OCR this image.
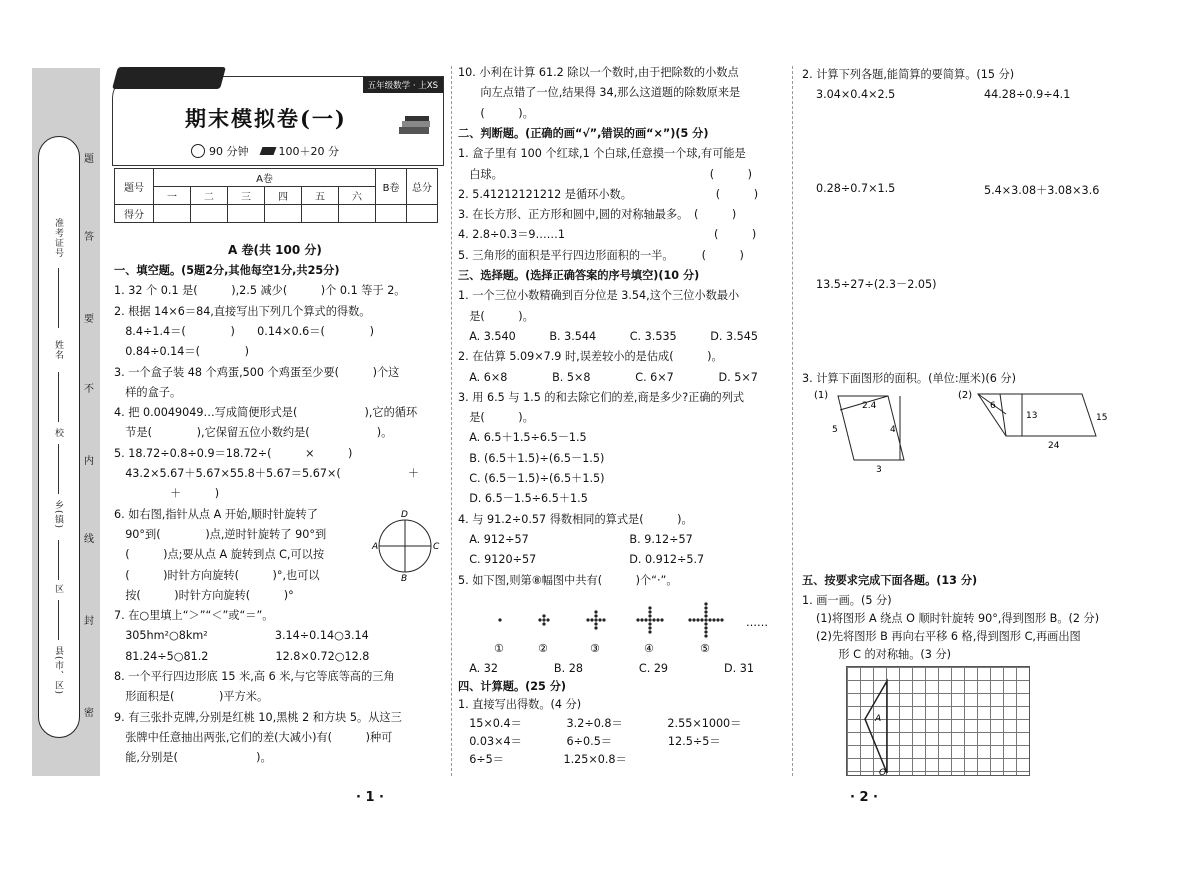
准考证号
姓名
校
乡(镇)
区
县(市、区)
题
答
要
不
内
线
封
密
五年级数学 · 上XS
期末模拟卷(一)
90 分钟	100＋20 分
题号	A卷						B卷	总分
	一	二	三	四	五	六		
得分								
A 卷(共 100 分)
一、填空题。(5题2分,其他每空1分,共25分)
1. 32 个 0.1 是(　　　),2.5 减少(　　　)个 0.1 等于 2。
2. 根据 14×6＝84,直接写出下列几个算式的得数。
　8.4÷1.4＝(　　　　)　　0.14×0.6＝(　　　　)
　0.84÷0.14＝(　　　　)
3. 一个盒子装 48 个鸡蛋,500 个鸡蛋至少要(　　　)个这
　样的盒子。
4. 把 0.0049049…写成简便形式是(　　　　　　),它的循环
　节是(　　　　),它保留五位小数约是(　　　　　　)。
5. 18.72÷0.8÷0.9＝18.72÷(　　　×　　　)
　43.2×5.67＋5.67×55.8＋5.67＝5.67×(　　　　　　＋
　　　　　＋　　　)
6. 如右图,指针从点 A 开始,顺时针旋转了
　90°到(　　　　)点,逆时针旋转了 90°到
　(　　　)点;要从点 A 旋转到点 C,可以按
　(　　　)时针方向旋转(　　　)°,也可以
　按(　　　)时针方向旋转(　　　)°
7. 在○里填上“＞”“＜”或“＝”。
　305hm²○8km²　　　　　　3.14÷0.14○3.14
　81.24÷5○81.2　　　　　　12.8×0.72○12.8
8. 一个平行四边形底 15 米,高 6 米,与它等底等高的三角
　形面积是(　　　　)平方米。
9. 有三张扑克牌,分别是红桃 10,黑桃 2 和方块 5。从这三
　张牌中任意抽出两张,它们的差(大减小)有(　　　)种可
　能,分别是(　　　　　　　)。
D
A	C
B
10. 小利在计算 61.2 除以一个数时,由于把除数的小数点
　　向左点错了一位,结果得 34,那么这道题的除数原来是
　　(　　　)。
二、判断题。(正确的画“√”,错误的画“×”)(5 分)
1. 盒子里有 100 个红球,1 个白球,任意摸一个球,有可能是
　白球。　　　　　　　　　　　　　　　　　　　(　　　)
2. 5.41212121212 是循环小数。　　　　　　　　(　　　)
3. 在长方形、正方形和圆中,圆的对称轴最多。　(　　　)
4. 2.8÷0.3＝9……1　　　　　　　　　　　　　 (　　　)
5. 三角形的面积是平行四边形面积的一半。　　　(　　　)
三、选择题。(选择正确答案的序号填空)(10 分)
1. 一个三位小数精确到百分位是 3.54,这个三位小数最小
　是(　　　)。
　A. 3.540　　　B. 3.544　　　C. 3.535　　　D. 3.545
2. 在估算 5.09×7.9 时,误差较小的是估成(　　　)。
　A. 6×8　　　　B. 5×8　　　　C. 6×7　　　　D. 5×7
3. 用 6.5 与 1.5 的和去除它们的差,商是多少?正确的列式
　是(　　　)。
　A. 6.5＋1.5÷6.5－1.5
　B. (6.5＋1.5)÷(6.5－1.5)
　C. (6.5－1.5)÷(6.5＋1.5)
　D. 6.5－1.5÷6.5＋1.5
4. 与 91.2÷0.57 得数相同的算式是(　　　)。
　A. 912÷57　　　　　　　　　B. 9.12÷57
　C. 9120÷57　　　　　　　　 D. 0.912÷5.7
5. 如下图,则第⑧幅图中共有(　　　)个“·”。
①	②	③	④	⑤
……
　A. 32　　　　　B. 28　　　　　C. 29　　　　　D. 31
四、计算题。(25 分)
1. 直接写出得数。(4 分)
　15×0.4＝　　　　3.2÷0.8＝　　　　2.55×1000＝
　0.03×4＝　　　　6÷0.5＝　　　　　12.5÷5＝
　6÷5＝　　　　　 1.25×0.8＝
2. 计算下列各题,能简算的要简算。(15 分)
3.04×0.4×2.5	44.28÷0.9÷4.1
0.28÷0.7×1.5	5.4×3.08＋3.08×3.6
13.5÷27÷(2.3－2.05)
3. 计算下面图形的面积。(单位:厘米)(6 分)
(1)
2.4
5	4
3
(2)
6
13	15
24
五、按要求完成下面各题。(13 分)
1. 画一画。(5 分)
(1)将图形 A 绕点 O 顺时针旋转 90°,得到图形 B。(2 分)
(2)先将图形 B 再向右平移 6 格,得到图形 C,再画出图
　　形 C 的对称轴。(3 分)
A
O
· 1 ·	· 2 ·
